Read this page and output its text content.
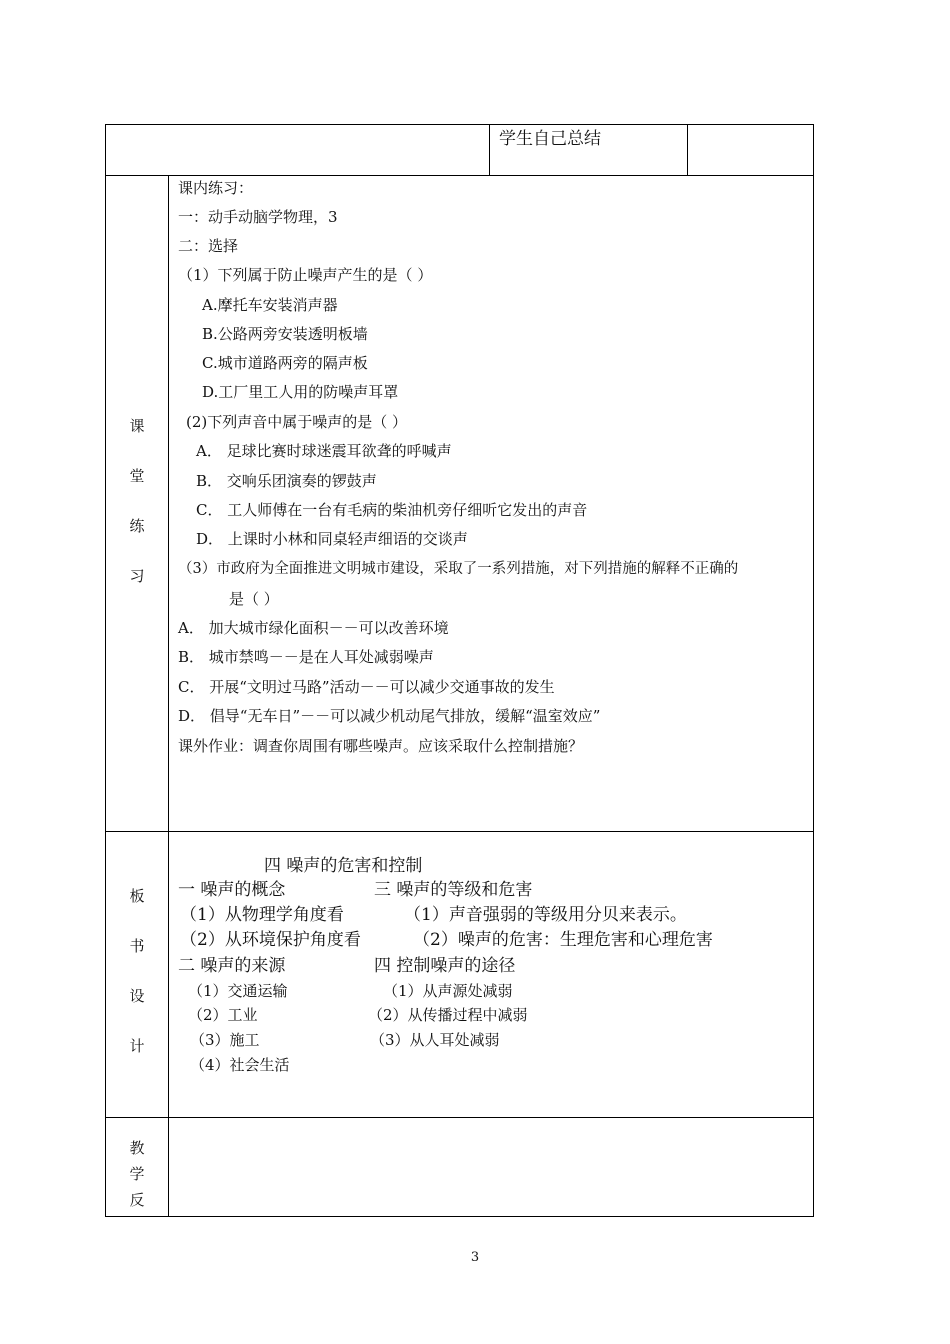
学生自己总结
课
堂
练
习
课内练习：
一：动手动脑学物理，3
二：选择
（1）下列属于防止噪声产生的是（ ）
A.摩托车安装消声器
B.公路两旁安装透明板墙
C.城市道路两旁的隔声板
D.工厂里工人用的防噪声耳罩
(2)下列声音中属于噪声的是（ ）
A． 足球比赛时球迷震耳欲聋的呼喊声
B． 交响乐团演奏的锣鼓声
C． 工人师傅在一台有毛病的柴油机旁仔细听它发出的声音
D． 上课时小林和同桌轻声细语的交谈声
（3）市政府为全面推进文明城市建设，采取了一系列措施，对下列措施的解释不正确的
是（ ）
A． 加大城市绿化面积－－可以改善环境
B． 城市禁鸣－－是在人耳处减弱噪声
C． 开展“文明过马路”活动－－可以减少交通事故的发生
D． 倡导“无车日”－－可以减少机动尾气排放，缓解“温室效应”
课外作业：调查你周围有哪些噪声。应该采取什么控制措施？
板
书
设
计
四 噪声的危害和控制
一 噪声的概念
（1）从物理学角度看
（2）从环境保护角度看
二 噪声的来源
（1）交通运输
（2）工业
（3）施工
（4）社会生活
三 噪声的等级和危害
（1）声音强弱的等级用分贝来表示。
（2）噪声的危害：生理危害和心理危害
四 控制噪声的途径
（1）从声源处减弱
（2）从传播过程中减弱
（3）从人耳处减弱
教
学
反
3
